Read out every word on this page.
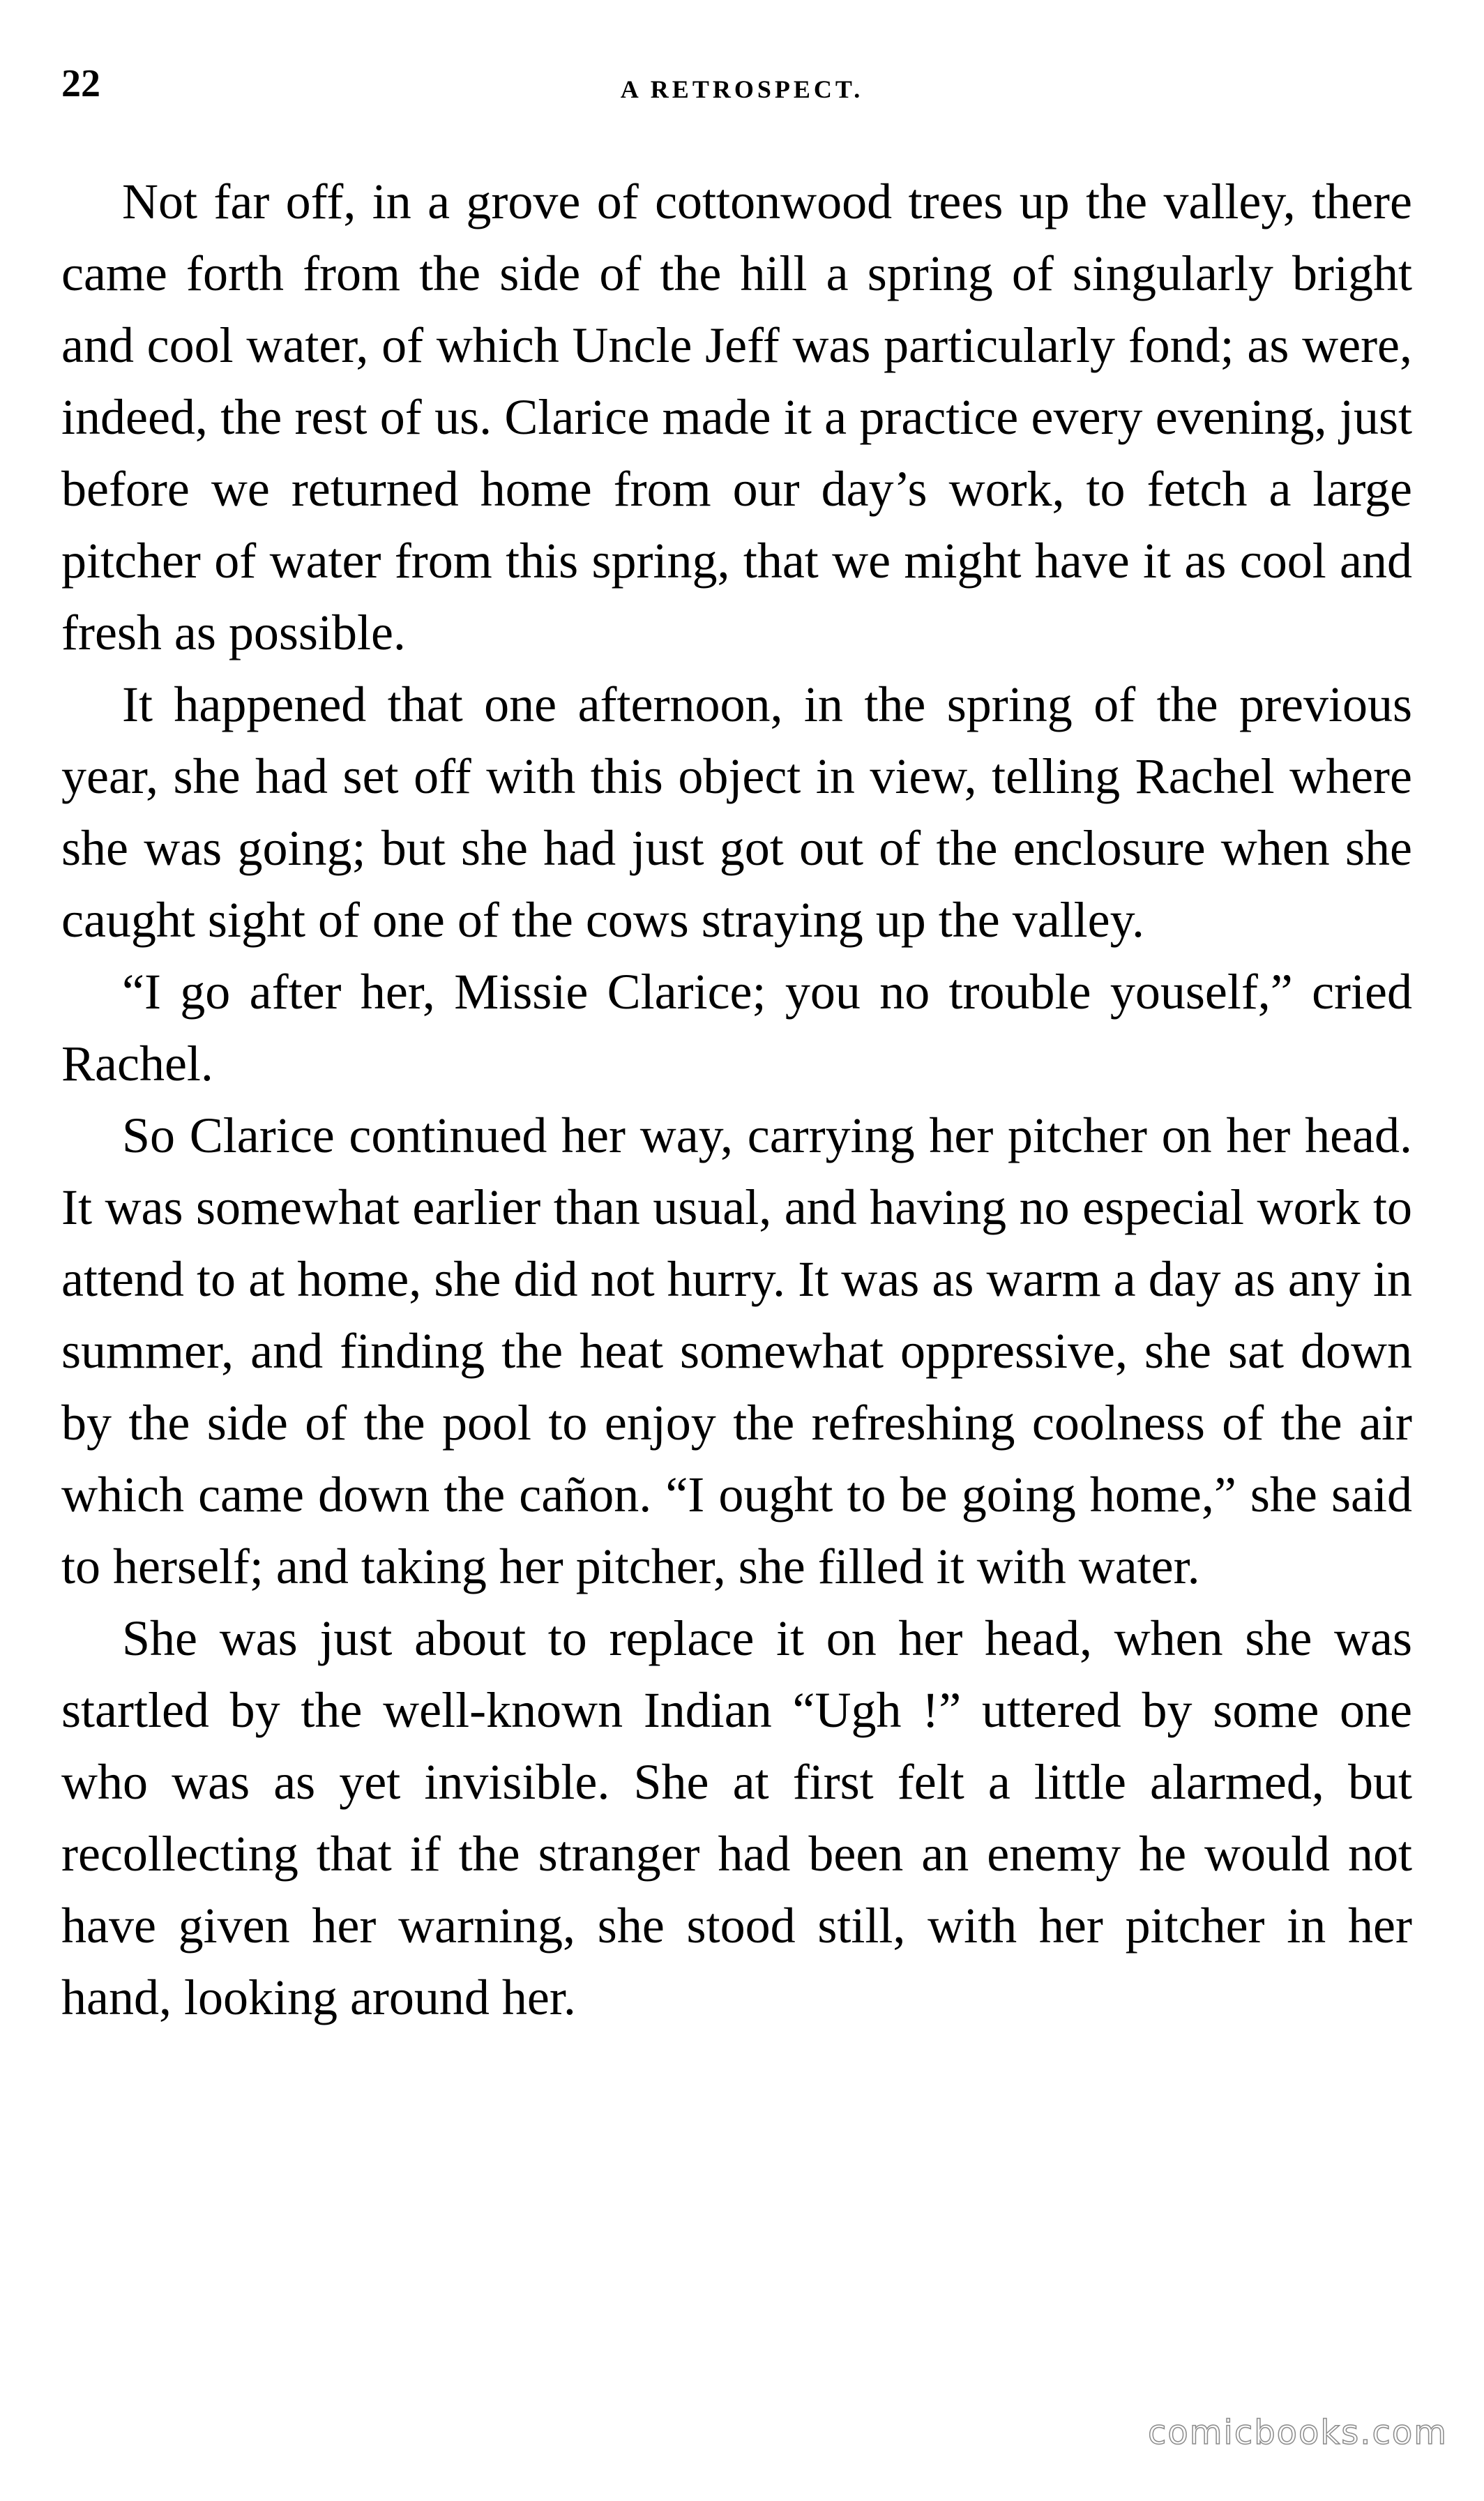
22	A RETROSPECT.

Not far off, in a grove of cottonwood trees up the valley, there came forth from the side of the hill a spring of singularly bright and cool water, of which Uncle Jeff was particularly fond; as were, indeed, the rest of us. Clarice made it a practice every evening, just before we returned home from our day’s work, to fetch a large pitcher of water from this spring, that we might have it as cool and fresh as possible.

It happened that one afternoon, in the spring of the previous year, she had set off with this object in view, telling Rachel where she was going; but she had just got out of the enclosure when she caught sight of one of the cows straying up the valley.

“I go after her, Missie Clarice; you no trouble youself,” cried Rachel.

So Clarice continued her way, carrying her pitcher on her head. It was somewhat earlier than usual, and having no especial work to attend to at home, she did not hurry. It was as warm a day as any in summer, and finding the heat somewhat oppressive, she sat down by the side of the pool to enjoy the refreshing coolness of the air which came down the cañon. “I ought to be going home,” she said to herself; and taking her pitcher, she filled it with water.

She was just about to replace it on her head, when she was startled by the well-known Indian “Ugh !” uttered by some one who was as yet invisible. She at first felt a little alarmed, but recollecting that if the stranger had been an enemy he would not have given her warning, she stood still, with her pitcher in her hand, looking around her.

comicbooks.com
